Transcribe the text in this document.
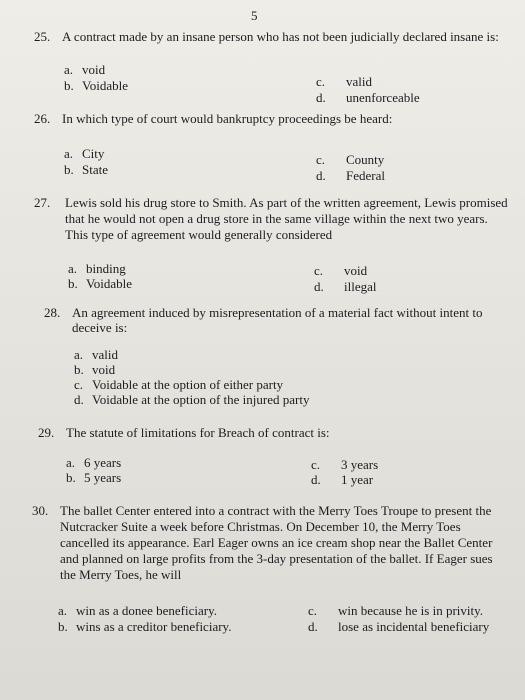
5
25. A contract made by an insane person who has not been judicially declared insane is:
a. void
b. Voidable	c. valid
d. unenforceable
26. In which type of court would bankruptcy proceedings be heard:
a. City
b. State
c. County
d. Federal
27. Lewis sold his drug store to Smith. As part of the written agreement, Lewis promised
that he would not open a drug store in the same village within the next two years.
This type of agreement would generally considered
a. binding
b. Voidable
c. void
d. illegal
28. An agreement induced by misrepresentation of a material fact without intent to
deceive is:
a. valid
b. void
c. Voidable at the option of either party
d. Voidable at the option of the injured party
29. The statute of limitations for Breach of contract is:
a. 6 years
b. 5 years
c. 3 years
d. 1 year
30. The ballet Center entered into a contract with the Merry Toes Troupe to present the
Nutcracker Suite a week before Christmas. On December 10, the Merry Toes
cancelled its appearance. Earl Eager owns an ice cream shop near the Ballet Center
and planned on large profits from the 3-day presentation of the ballet. If Eager sues
the Merry Toes, he will
a. win as a donee beneficiary.
b. wins as a creditor beneficiary.
c. win because he is in privity.
d. lose as incidental beneficiary
